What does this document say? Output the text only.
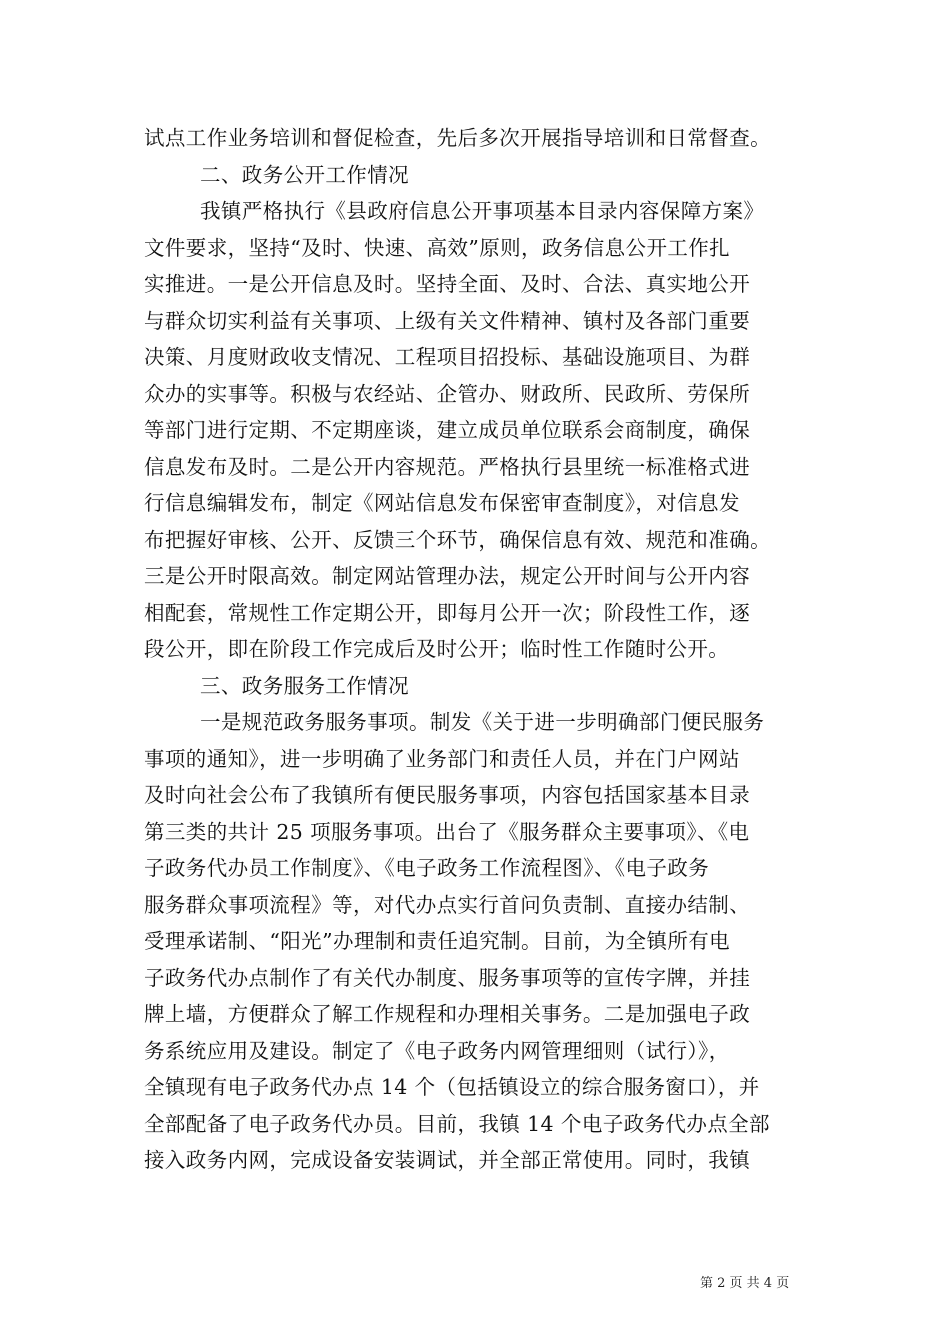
试点工作业务培训和督促检查，先后多次开展指导培训和日常督查。
二、政务公开工作情况
我镇严格执行《县政府信息公开事项基本目录内容保障方案》
文件要求，坚持“及时、快速、高效”原则，政务信息公开工作扎
实推进。一是公开信息及时。坚持全面、及时、合法、真实地公开
与群众切实利益有关事项、上级有关文件精神、镇村及各部门重要
决策、月度财政收支情况、工程项目招投标、基础设施项目、为群
众办的实事等。积极与农经站、企管办、财政所、民政所、劳保所
等部门进行定期、不定期座谈，建立成员单位联系会商制度，确保
信息发布及时。二是公开内容规范。严格执行县里统一标准格式进
行信息编辑发布，制定《网站信息发布保密审查制度》，对信息发
布把握好审核、公开、反馈三个环节，确保信息有效、规范和准确。
三是公开时限高效。制定网站管理办法，规定公开时间与公开内容
相配套，常规性工作定期公开，即每月公开一次；阶段性工作，逐
段公开，即在阶段工作完成后及时公开；临时性工作随时公开。
三、政务服务工作情况
一是规范政务服务事项。制发《关于进一步明确部门便民服务
事项的通知》，进一步明确了业务部门和责任人员，并在门户网站
及时向社会公布了我镇所有便民服务事项，内容包括国家基本目录
第三类的共计 25 项服务事项。出台了《服务群众主要事项》、《电
子政务代办员工作制度》、《电子政务工作流程图》、《电子政务
服务群众事项流程》等，对代办点实行首问负责制、直接办结制、
受理承诺制、“阳光”办理制和责任追究制。目前，为全镇所有电
子政务代办点制作了有关代办制度、服务事项等的宣传字牌，并挂
牌上墙，方便群众了解工作规程和办理相关事务。二是加强电子政
务系统应用及建设。制定了《电子政务内网管理细则（试行）》，
全镇现有电子政务代办点 14 个（包括镇设立的综合服务窗口），并
全部配备了电子政务代办员。目前，我镇 14 个电子政务代办点全部
接入政务内网，完成设备安装调试，并全部正常使用。同时，我镇
第 2 页 共 4 页
